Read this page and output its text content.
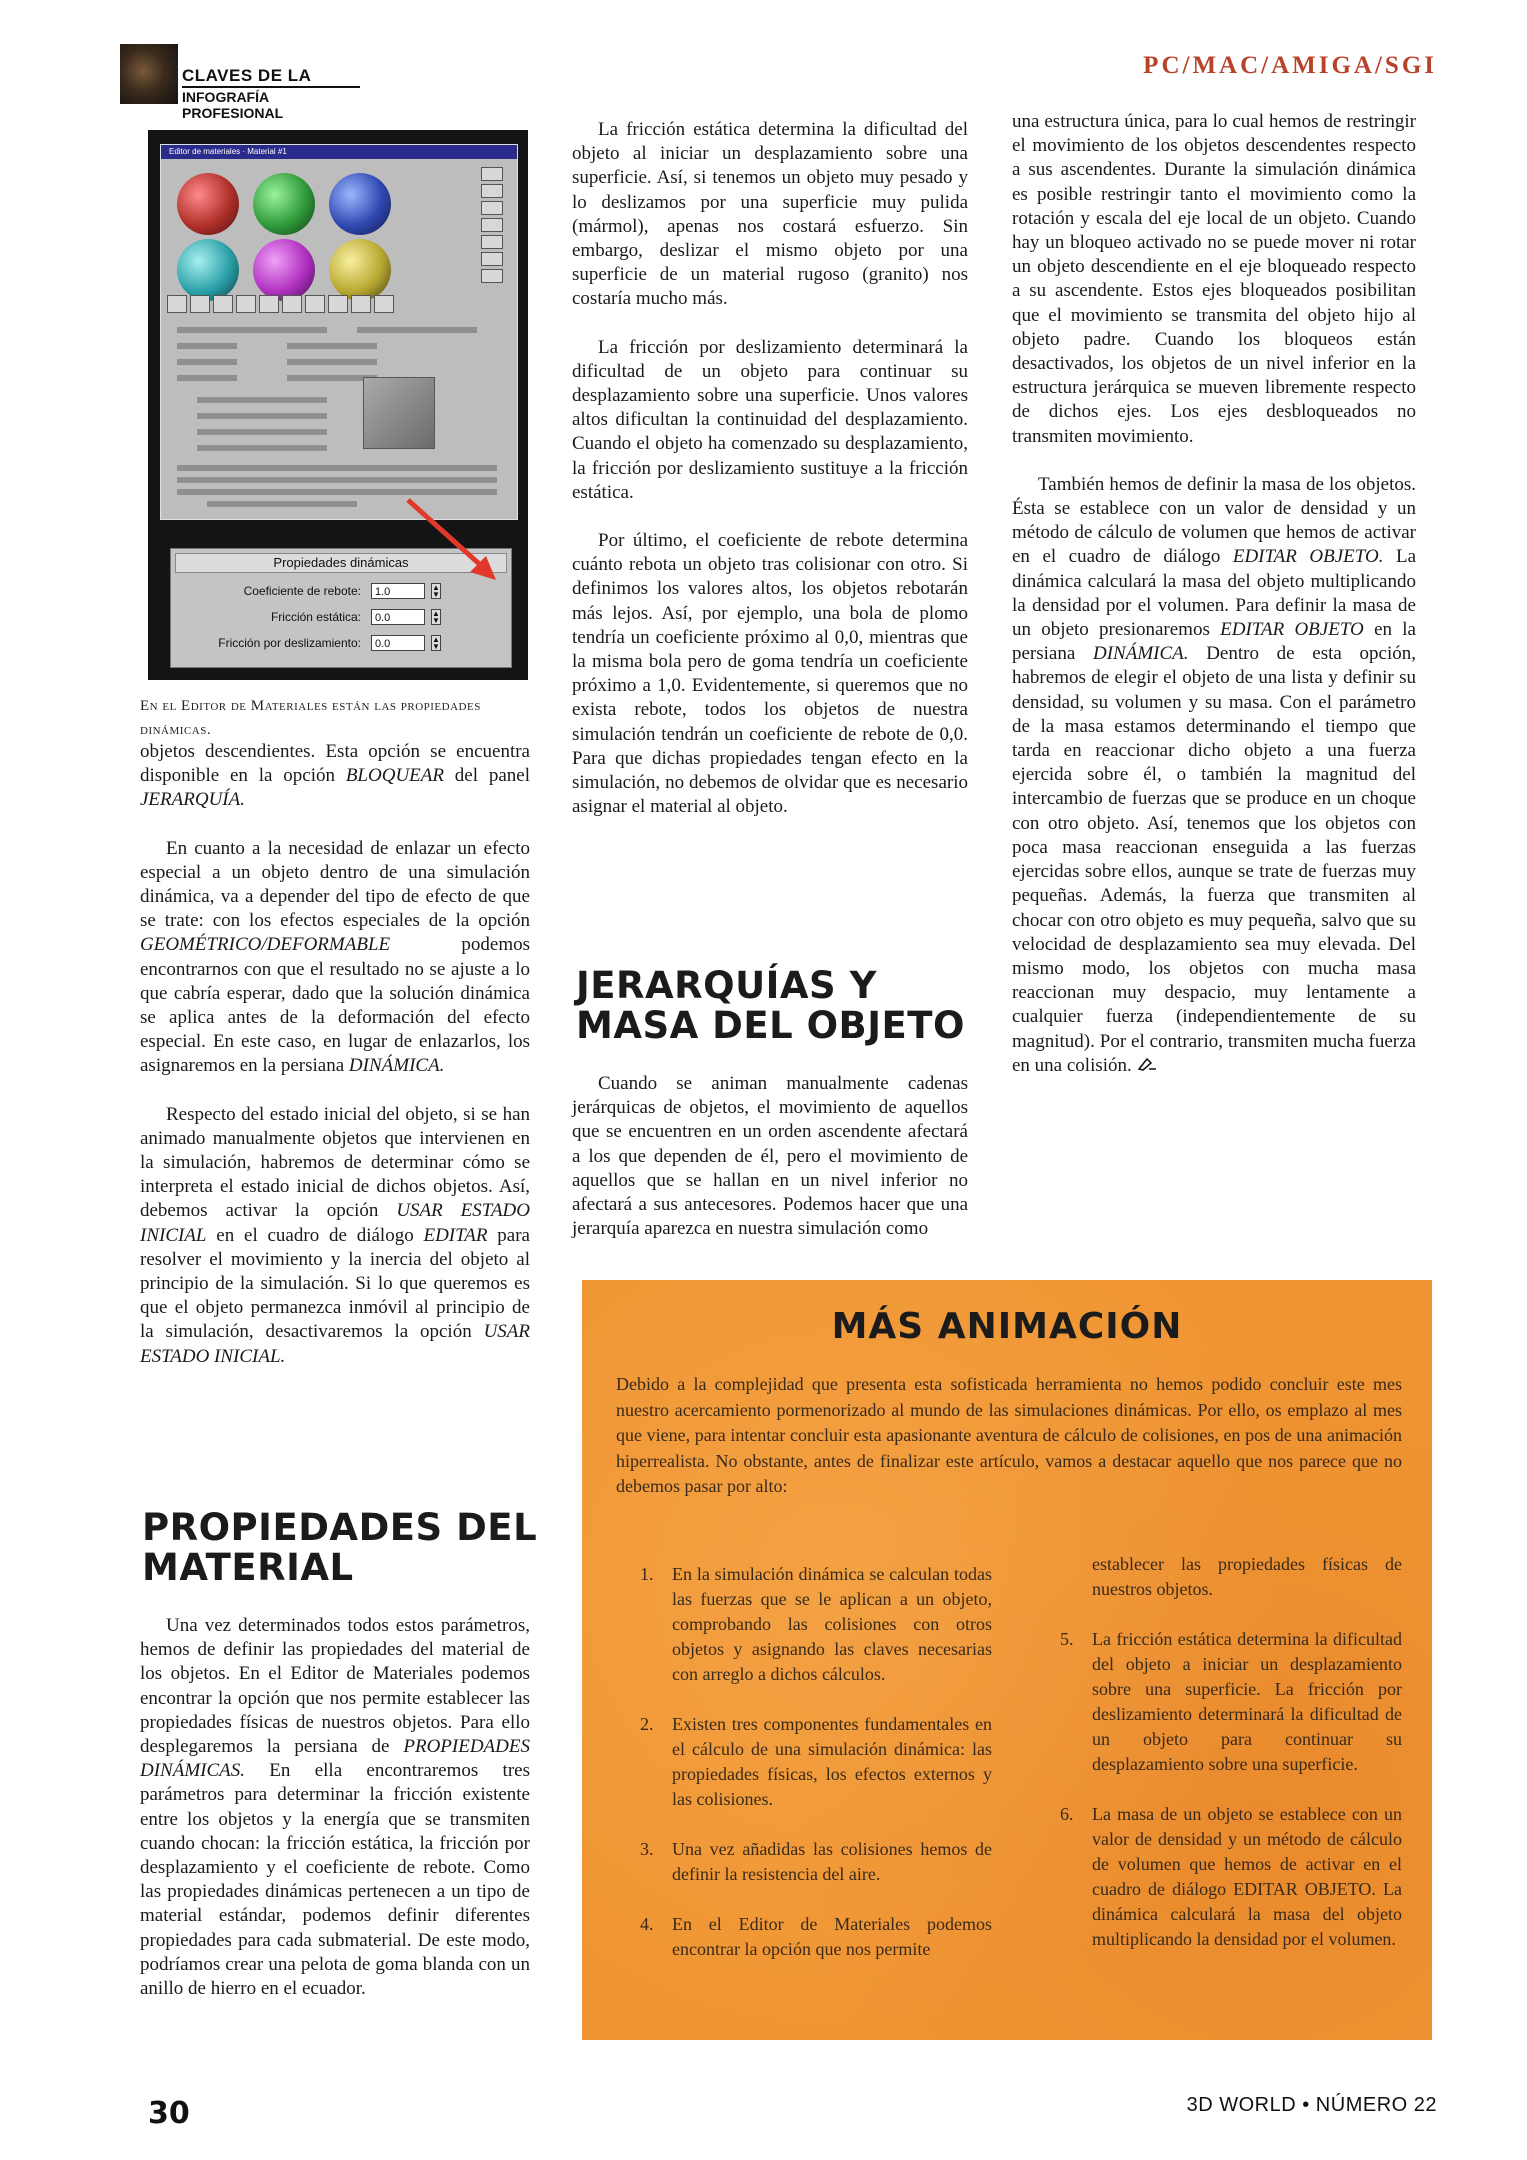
CLAVES DE LA
INFOGRAFÍA PROFESIONAL
PC/MAC/AMIGA/SGI
Editor de materiales · Material #1
Propiedades dinámicas
Coeficiente de rebote:	1.0	▲
▼
Fricción estática:	0.0	▲
▼
Fricción por deslizamiento:	0.0	▲
▼
En el Editor de Materiales están las propiedades dinámicas.

objetos descendientes. Esta opción se encuentra disponible en la opción BLOQUEAR del panel JERARQUÍA.

En cuanto a la necesidad de enlazar un efecto especial a un objeto dentro de una simulación dinámica, va a depender del tipo de efecto de que se trate: con los efectos especiales de la opción GEOMÉTRICO/DEFORMABLE podemos encontrarnos con que el resultado no se ajuste a lo que cabría esperar, dado que la solución dinámica se aplica antes de la deformación del efecto especial. En este caso, en lugar de enlazarlos, los asignaremos en la persiana DINÁMICA.

Respecto del estado inicial del objeto, si se han animado manualmente objetos que intervienen en la simulación, habremos de determinar cómo se interpreta el estado inicial de dichos objetos. Así, debemos activar la opción USAR ESTADO INICIAL en el cuadro de diálogo EDITAR para resolver el movimiento y la inercia del objeto al principio de la simulación. Si lo que queremos es que el objeto permanezca inmóvil al principio de la simulación, desactivaremos la opción USAR ESTADO INICIAL.

PROPIEDADES DEL MATERIAL

Una vez determinados todos estos parámetros, hemos de definir las propiedades del material de los objetos. En el Editor de Materiales podemos encontrar la opción que nos permite establecer las propiedades físicas de nuestros objetos. Para ello desplegaremos la persiana de PROPIEDADES DINÁMICAS. En ella encontraremos tres parámetros para determinar la fricción existente entre los objetos y la energía que se transmiten cuando chocan: la fricción estática, la fricción por desplazamiento y el coeficiente de rebote. Como las propiedades dinámicas pertenecen a un tipo de material estándar, podemos definir diferentes propiedades para cada submaterial. De este modo, podríamos crear una pelota de goma blanda con un anillo de hierro en el ecuador.

La fricción estática determina la dificultad del objeto al iniciar un desplazamiento sobre una superficie. Así, si tenemos un objeto muy pesado y lo deslizamos por una superficie muy pulida (mármol), apenas nos costará esfuerzo. Sin embargo, deslizar el mismo objeto por una superficie de un material rugoso (granito) nos costaría mucho más.

La fricción por deslizamiento determinará la dificultad de un objeto para continuar su desplazamiento sobre una superficie. Unos valores altos dificultan la continuidad del desplazamiento. Cuando el objeto ha comenzado su desplazamiento, la fricción por deslizamiento sustituye a la fricción estática.

Por último, el coeficiente de rebote determina cuánto rebota un objeto tras colisionar con otro. Si definimos los valores altos, los objetos rebotarán más lejos. Así, por ejemplo, una bola de plomo tendría un coeficiente próximo al 0,0, mientras que la misma bola pero de goma tendría un coeficiente próximo a 1,0. Evidentemente, si queremos que no exista rebote, todos los objetos de nuestra simulación tendrán un coeficiente de rebote de 0,0. Para que dichas propiedades tengan efecto en la simulación, no debemos de olvidar que es necesario asignar el material al objeto.

JERARQUÍAS Y MASA DEL OBJETO

Cuando se animan manualmente cadenas jerárquicas de objetos, el movimiento de aquellos que se encuentren en un orden ascendente afectará a los que dependen de él, pero el movimiento de aquellos que se hallan en un nivel inferior no afectará a sus antecesores. Podemos hacer que una jerarquía aparezca en nuestra simulación como

una estructura única, para lo cual hemos de restringir el movimiento de los objetos descendentes respecto a sus ascendentes. Durante la simulación dinámica es posible restringir tanto el movimiento como la rotación y escala del eje local de un objeto. Cuando hay un bloqueo activado no se puede mover ni rotar un objeto descendiente en el eje bloqueado respecto a su ascendente. Estos ejes bloqueados posibilitan que el movimiento se transmita del objeto hijo al objeto padre. Cuando los bloqueos están desactivados, los objetos de un nivel inferior en la estructura jerárquica se mueven libremente respecto de dichos ejes. Los ejes desbloqueados no transmiten movimiento.

También hemos de definir la masa de los objetos. Ésta se establece con un valor de densidad y un método de cálculo de volumen que hemos de activar en el cuadro de diálogo EDITAR OBJETO. La dinámica calculará la masa del objeto multiplicando la densidad por el volumen. Para definir la masa de un objeto presionaremos EDITAR OBJETO en la persiana DINÁMICA. Dentro de esta opción, habremos de elegir el objeto de una lista y definir su densidad, su volumen y su masa. Con el parámetro de la masa estamos determinando el tiempo que tarda en reaccionar dicho objeto a una fuerza ejercida sobre él, o también la magnitud del intercambio de fuerzas que se produce en un choque con otro objeto. Así, tenemos que los objetos con poca masa reaccionan enseguida a las fuerzas ejercidas sobre ellos, aunque se trate de fuerzas muy pequeñas. Además, la fuerza que transmiten al chocar con otro objeto es muy pequeña, salvo que su velocidad de desplazamiento sea muy elevada. Del mismo modo, los objetos con mucha masa reaccionan muy despacio, muy lentamente a cualquier fuerza (independientemente de su magnitud). Por el contrario, transmiten mucha fuerza en una colisión.

MÁS ANIMACIÓN
Debido a la complejidad que presenta esta sofisticada herramienta no hemos podido concluir este mes nuestro acercamiento pormenorizado al mundo de las simulaciones dinámicas. Por ello, os emplazo al mes que viene, para intentar concluir esta apasionante aventura de cálculo de colisiones, en pos de una animación hiperrealista. No obstante, antes de finalizar este artículo, vamos a destacar aquello que nos parece que no debemos pasar por alto:
1. En la simulación dinámica se calculan todas las fuerzas que se le aplican a un objeto, comprobando las colisiones con otros objetos y asignando las claves necesarias con arreglo a dichos cálculos.
2. Existen tres componentes fundamentales en el cálculo de una simulación dinámica: las propiedades físicas, los efectos externos y las colisiones.
3. Una vez añadidas las colisiones hemos de definir la resistencia del aire.
4. En el Editor de Materiales podemos encontrar la opción que nos permite
establecer las propiedades físicas de nuestros objetos.
5. La fricción estática determina la dificultad del objeto a iniciar un desplazamiento sobre una superficie. La fricción por deslizamiento determinará la dificultad de un objeto para continuar su desplazamiento sobre una superficie.
6. La masa de un objeto se establece con un valor de densidad y un método de cálculo de volumen que hemos de activar en el cuadro de diálogo EDITAR OBJETO. La dinámica calculará la masa del objeto multiplicando la densidad por el volumen.
30	3D WORLD • NÚMERO 22
